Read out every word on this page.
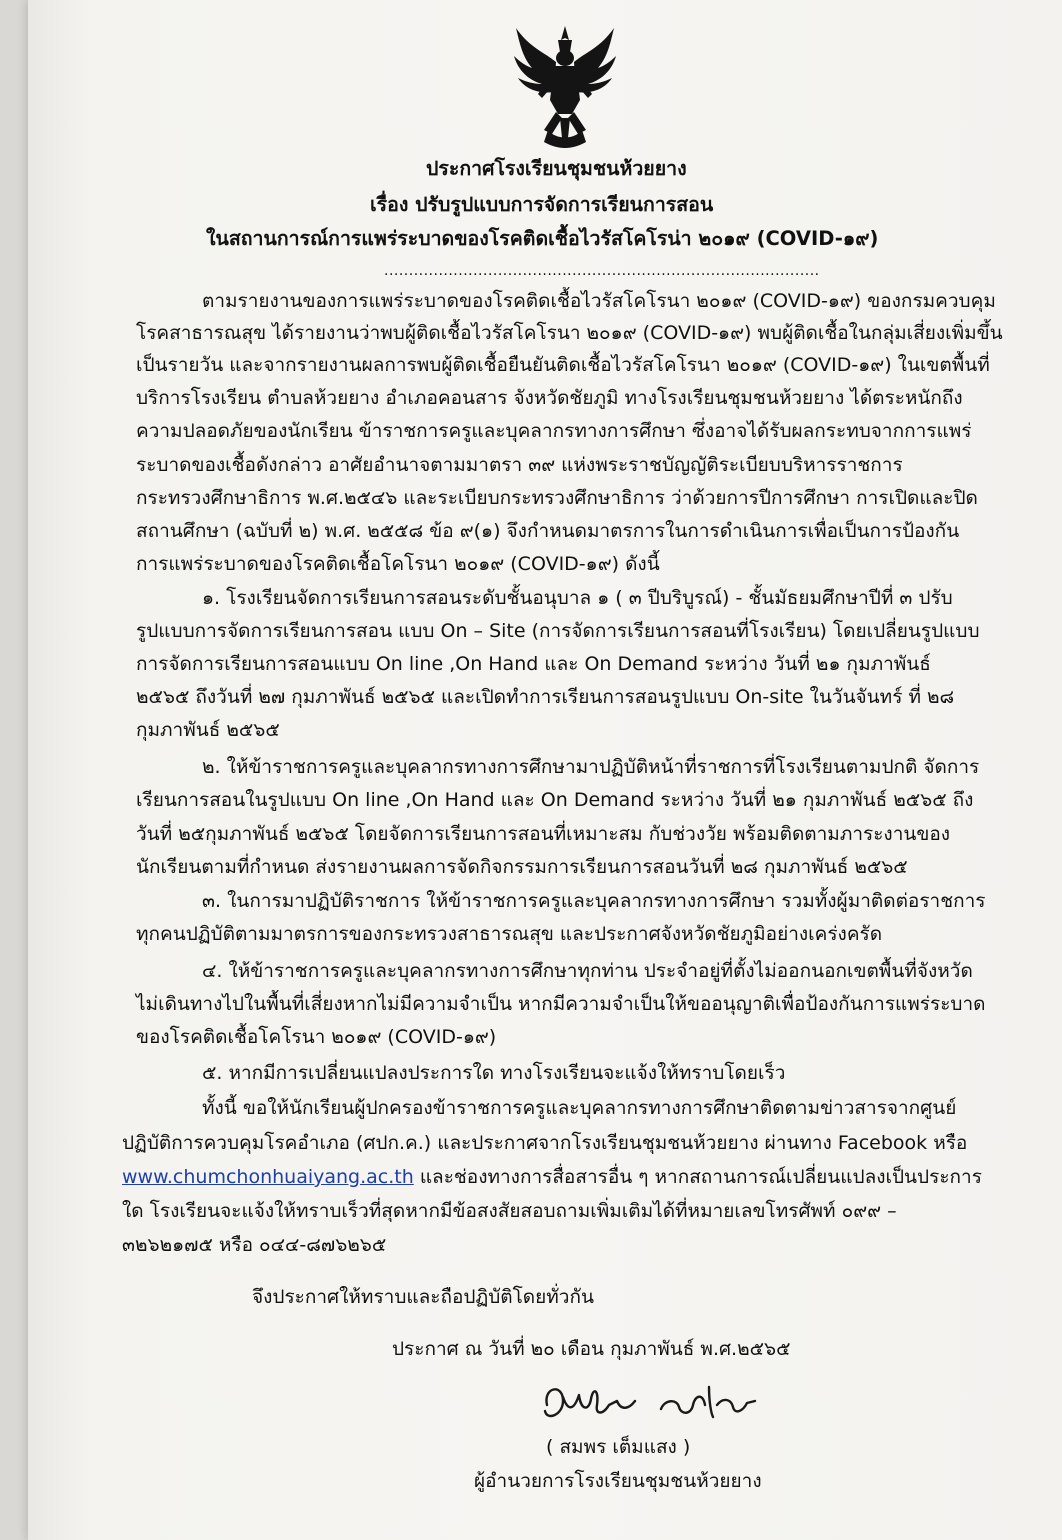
ประกาศโรงเรียนชุมชนห้วยยาง
เรื่อง ปรับรูปแบบการจัดการเรียนการสอน
ในสถานการณ์การแพร่ระบาดของโรคติดเชื้อไวรัสโคโรน่า ๒๐๑๙ (COVID-๑๙)
........................................................................................
ตามรายงานของการแพร่ระบาดของโรคติดเชื้อไวรัสโคโรนา ๒๐๑๙ (COVID-๑๙) ของกรมควบคุม
โรคสาธารณสุข ได้รายงานว่าพบผู้ติดเชื้อไวรัสโคโรนา ๒๐๑๙ (COVID-๑๙) พบผู้ติดเชื้อในกลุ่มเสี่ยงเพิ่มขึ้น
เป็นรายวัน และจากรายงานผลการพบผู้ติดเชื้อยืนยันติดเชื้อไวรัสโคโรนา ๒๐๑๙ (COVID-๑๙) ในเขตพื้นที่
บริการโรงเรียน ตำบลห้วยยาง อำเภอคอนสาร จังหวัดชัยภูมิ ทางโรงเรียนชุมชนห้วยยาง ได้ตระหนักถึง
ความปลอดภัยของนักเรียน ข้าราชการครูและบุคลากรทางการศึกษา ซึ่งอาจได้รับผลกระทบจากการแพร่
ระบาดของเชื้อดังกล่าว อาศัยอำนาจตามมาตรา ๓๙ แห่งพระราชบัญญัติระเบียบบริหารราชการ
กระทรวงศึกษาธิการ พ.ศ.๒๕๔๖ และระเบียบกระทรวงศึกษาธิการ ว่าด้วยการปีการศึกษา การเปิดและปิด
สถานศึกษา (ฉบับที่ ๒) พ.ศ. ๒๕๕๘ ข้อ ๙(๑) จึงกำหนดมาตรการในการดำเนินการเพื่อเป็นการป้องกัน
การแพร่ระบาดของโรคติดเชื้อโคโรนา ๒๐๑๙ (COVID-๑๙) ดังนี้
๑. โรงเรียนจัดการเรียนการสอนระดับชั้นอนุบาล ๑ ( ๓ ปีบริบูรณ์) - ชั้นมัธยมศึกษาปีที่ ๓ ปรับ
รูปแบบการจัดการเรียนการสอน แบบ On – Site (การจัดการเรียนการสอนที่โรงเรียน) โดยเปลี่ยนรูปแบบ
การจัดการเรียนการสอนแบบ On line ,On Hand และ On Demand ระหว่าง วันที่ ๒๑ กุมภาพันธ์
๒๕๖๕ ถึงวันที่ ๒๗ กุมภาพันธ์ ๒๕๖๕ และเปิดทำการเรียนการสอนรูปแบบ On-site ในวันจันทร์ ที่ ๒๘
กุมภาพันธ์ ๒๕๖๕
๒. ให้ข้าราชการครูและบุคลากรทางการศึกษามาปฏิบัติหน้าที่ราชการที่โรงเรียนตามปกติ จัดการ
เรียนการสอนในรูปแบบ On line ,On Hand และ On Demand ระหว่าง วันที่ ๒๑ กุมภาพันธ์ ๒๕๖๕ ถึง
วันที่ ๒๕กุมภาพันธ์ ๒๕๖๕ โดยจัดการเรียนการสอนที่เหมาะสม กับช่วงวัย พร้อมติดตามภาระงานของ
นักเรียนตามที่กำหนด ส่งรายงานผลการจัดกิจกรรมการเรียนการสอนวันที่ ๒๘ กุมภาพันธ์ ๒๕๖๕
๓. ในการมาปฏิบัติราชการ ให้ข้าราชการครูและบุคลากรทางการศึกษา รวมทั้งผู้มาติดต่อราชการ
ทุกคนปฏิบัติตามมาตรการของกระทรวงสาธารณสุข และประกาศจังหวัดชัยภูมิอย่างเคร่งครัด
๔. ให้ข้าราชการครูและบุคลากรทางการศึกษาทุกท่าน ประจำอยู่ที่ตั้งไม่ออกนอกเขตพื้นที่จังหวัด
ไม่เดินทางไปในพื้นที่เสี่ยงหากไม่มีความจำเป็น หากมีความจำเป็นให้ขออนุญาติเพื่อป้องกันการแพร่ระบาด
ของโรคติดเชื้อโคโรนา ๒๐๑๙ (COVID-๑๙)
๕. หากมีการเปลี่ยนแปลงประการใด ทางโรงเรียนจะแจ้งให้ทราบโดยเร็ว
ทั้งนี้ ขอให้นักเรียนผู้ปกครองข้าราชการครูและบุคลากรทางการศึกษาติดตามข่าวสารจากศูนย์
ปฏิบัติการควบคุมโรคอำเภอ (ศปก.ค.) และประกาศจากโรงเรียนชุมชนห้วยยาง ผ่านทาง Facebook หรือ
www.chumchonhuaiyang.ac.th และช่องทางการสื่อสารอื่น ๆ หากสถานการณ์เปลี่ยนแปลงเป็นประการ
ใด โรงเรียนจะแจ้งให้ทราบเร็วที่สุดหากมีข้อสงสัยสอบถามเพิ่มเติมได้ที่หมายเลขโทรศัพท์ ๐๙๙ –
๓๒๖๒๑๗๕ หรือ ๐๔๔-๘๗๖๒๖๕
จึงประกาศให้ทราบและถือปฏิบัติโดยทั่วกัน
ประกาศ ณ วันที่ ๒๐ เดือน กุมภาพันธ์ พ.ศ.๒๕๖๕
( สมพร เต็มแสง )
ผู้อำนวยการโรงเรียนชุมชนห้วยยาง
